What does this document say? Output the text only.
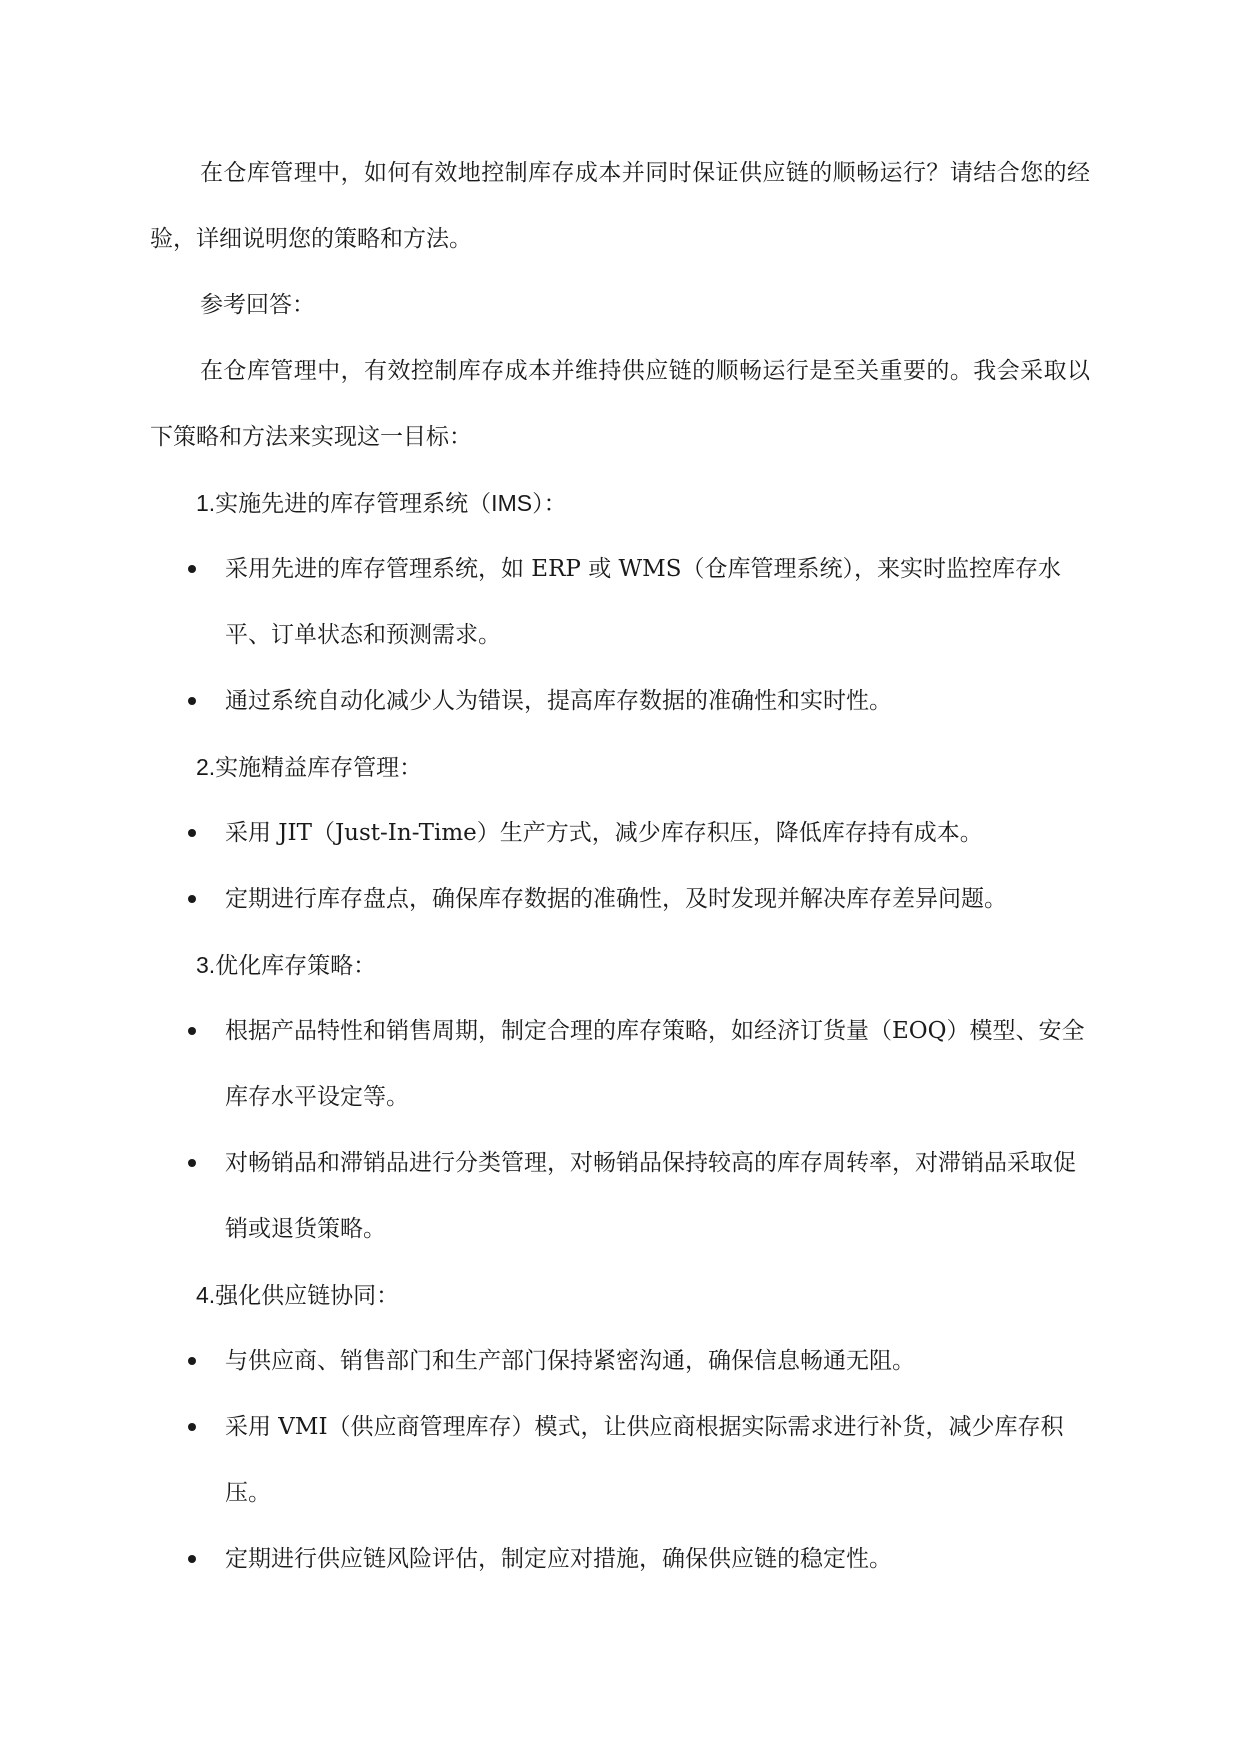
在仓库管理中，如何有效地控制库存成本并同时保证供应链的顺畅运行？请结合您的经验，详细说明您的策略和方法。

参考回答：

在仓库管理中，有效控制库存成本并维持供应链的顺畅运行是至关重要的。我会采取以下策略和方法来实现这一目标：

1.实施先进的库存管理系统（IMS）：

采用先进的库存管理系统，如 ERP 或 WMS（仓库管理系统），来实时监控库存水平、订单状态和预测需求。
通过系统自动化减少人为错误，提高库存数据的准确性和实时性。

2.实施精益库存管理：

采用 JIT（Just-In-Time）生产方式，减少库存积压，降低库存持有成本。
定期进行库存盘点，确保库存数据的准确性，及时发现并解决库存差异问题。

3.优化库存策略：

根据产品特性和销售周期，制定合理的库存策略，如经济订货量（EOQ）模型、安全库存水平设定等。
对畅销品和滞销品进行分类管理，对畅销品保持较高的库存周转率，对滞销品采取促销或退货策略。

4.强化供应链协同：

与供应商、销售部门和生产部门保持紧密沟通，确保信息畅通无阻。
采用 VMI（供应商管理库存）模式，让供应商根据实际需求进行补货，减少库存积压。
定期进行供应链风险评估，制定应对措施，确保供应链的稳定性。
